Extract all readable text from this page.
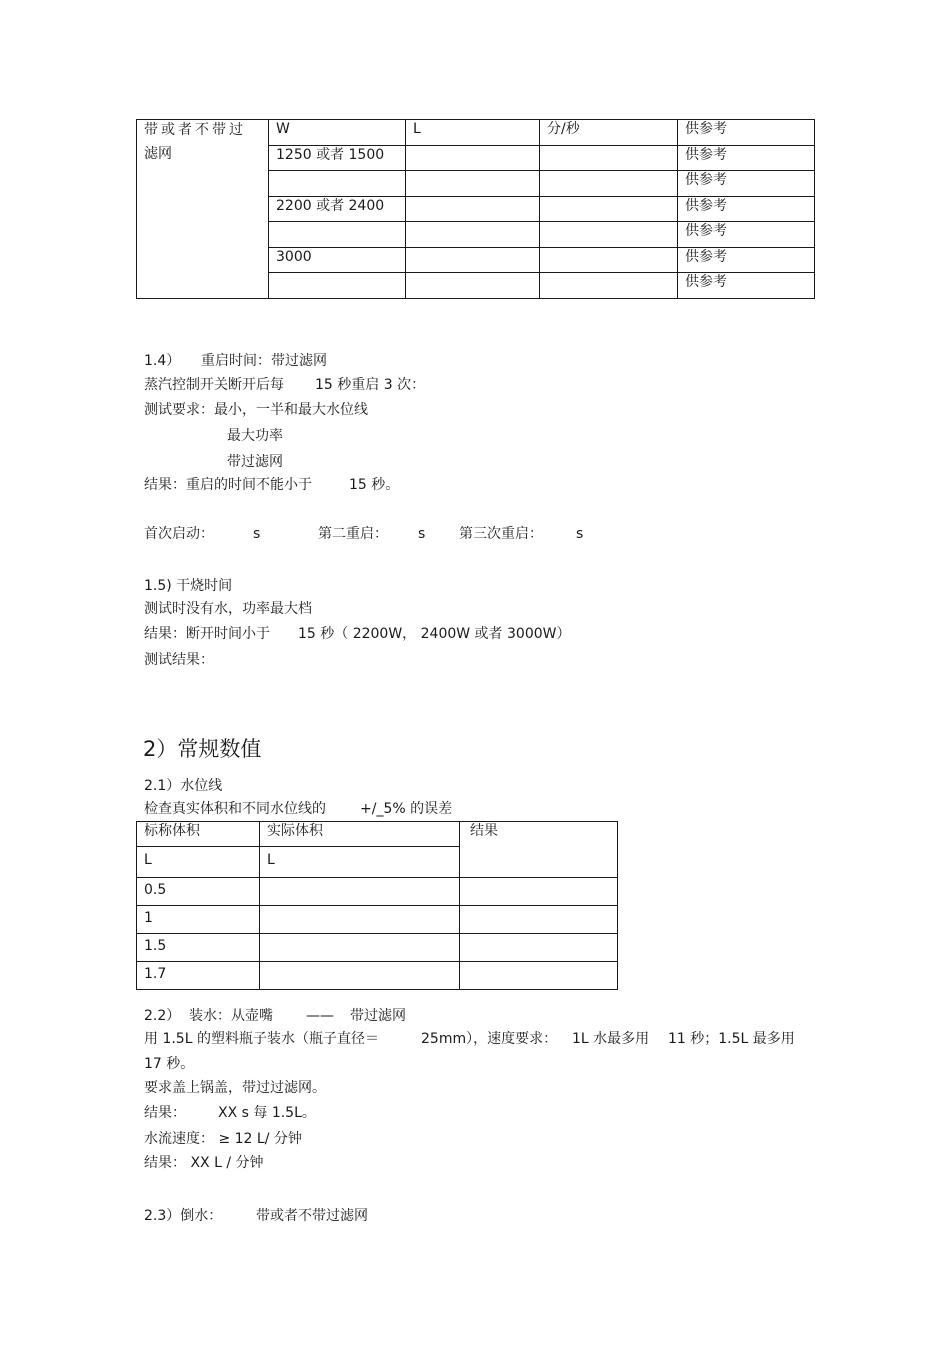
带或者不带过
滤网	W	L	分/秒	供参考
	1250 或者 1500			供参考
				供参考
	2200 或者 2400			供参考
				供参考
	3000			供参考
				供参考
1.4） 重启时间：带过滤网
蒸汽控制开关断开后每 15 秒重启 3 次：
测试要求：最小，一半和最大水位线
最大功率
带过滤网
结果：重启的时间不能小于	15 秒。
首次启动：	s	第二重启： s 第三次重启： s
1.5) 干烧时间
测试时没有水，功率最大档
结果：断开时间小于 15 秒（ 2200W， 2400W 或者 3000W）
测试结果：
2）常规数值
2.1）水位线
检查真实体积和不同水位线的 +/_5% 的误差
标称体积	实际体积	结果
L	L	
0.5		
1		
1.5		
1.7		
2.2） 装水：从壶嘴 —— 带过滤网
用 1.5L 的塑料瓶子装水（瓶子直径＝	25mm），速度要求： 1L 水最多用 11 秒；1.5L 最多用
17 秒。
要求盖上锅盖，带过过滤网。
结果： XX s 每 1.5L。
水流速度： ≥ 12 L/ 分钟
结果： XX L / 分钟
2.3）倒水： 带或者不带过滤网
